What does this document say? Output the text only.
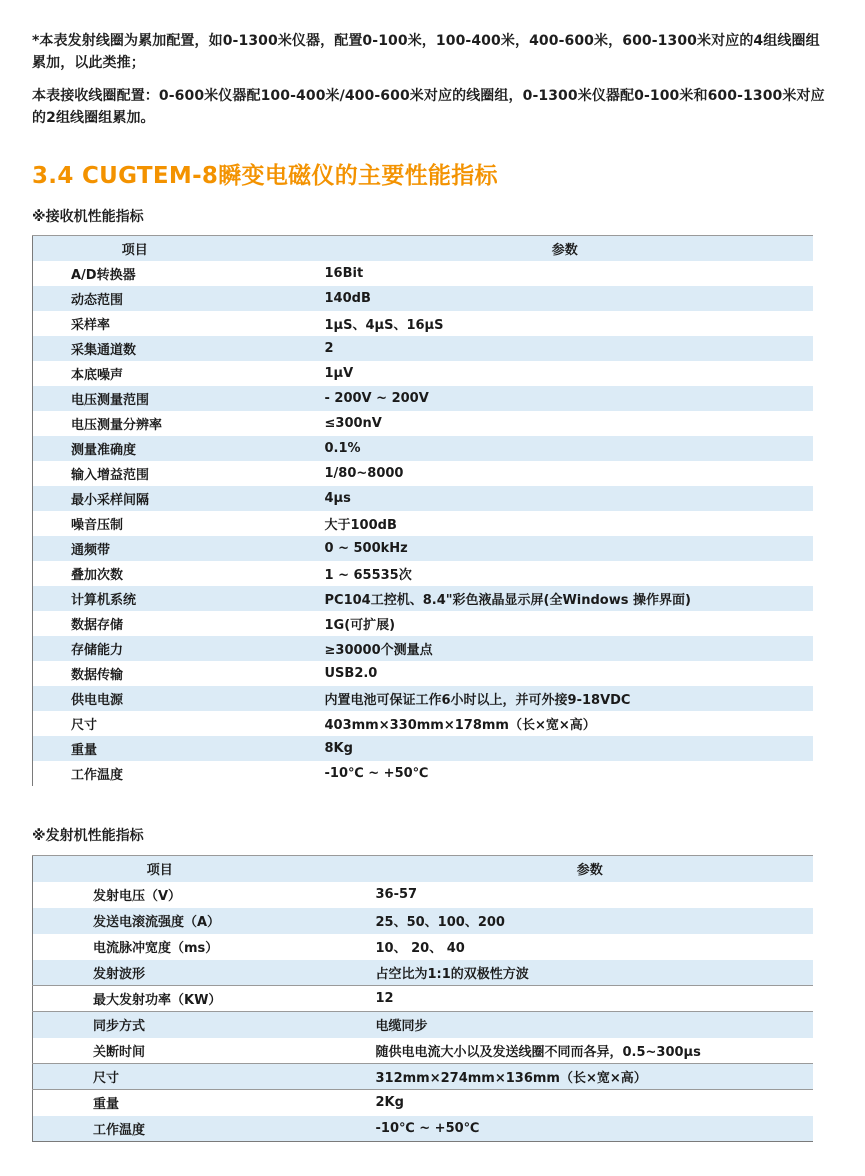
*本表发射线圈为累加配置，如0-1300米仪器，配置0-100米，100-400米，400-600米，600-1300米对应的4组线圈组累加，以此类推；
本表接收线圈配置：0-600米仪器配100-400米/400-600米对应的线圈组，0-1300米仪器配0-100米和600-1300米对应的2组线圈组累加。
3.4 CUGTEM-8瞬变电磁仪的主要性能指标
※接收机性能指标
项目	参数
A/D转换器	16Bit
动态范围	140dB
采样率	1μS、4μS、16μS
采集通道数	2
本底噪声	1μV
电压测量范围	- 200V ~ 200V
电压测量分辨率	≤300nV
测量准确度	0.1%
输入增益范围	1/80~8000
最小采样间隔	4μs
噪音压制	大于100dB
通频带	0 ~ 500kHz
叠加次数	1 ~ 65535次
计算机系统	PC104工控机、8.4"彩色液晶显示屏(全Windows 操作界面)
数据存储	1G(可扩展)
存储能力	≥30000个测量点
数据传输	USB2.0
供电电源	内置电池可保证工作6小时以上，并可外接9-18VDC
尺寸	403mm×330mm×178mm（长×宽×高）
重量	8Kg
工作温度	-10℃ ~ +50℃
※发射机性能指标
项目	参数
发射电压（V）	36-57
发送电滚流强度（A）	25、50、100、200
电流脉冲宽度（ms）	10、 20、 40
发射波形	占空比为1:1的双极性方波
最大发射功率（KW）	12
同步方式	电缆同步
关断时间	随供电电流大小以及发送线圈不同而各异，0.5~300μs
尺寸	312mm×274mm×136mm（长×宽×高）
重量	2Kg
工作温度	-10℃ ~ +50℃
